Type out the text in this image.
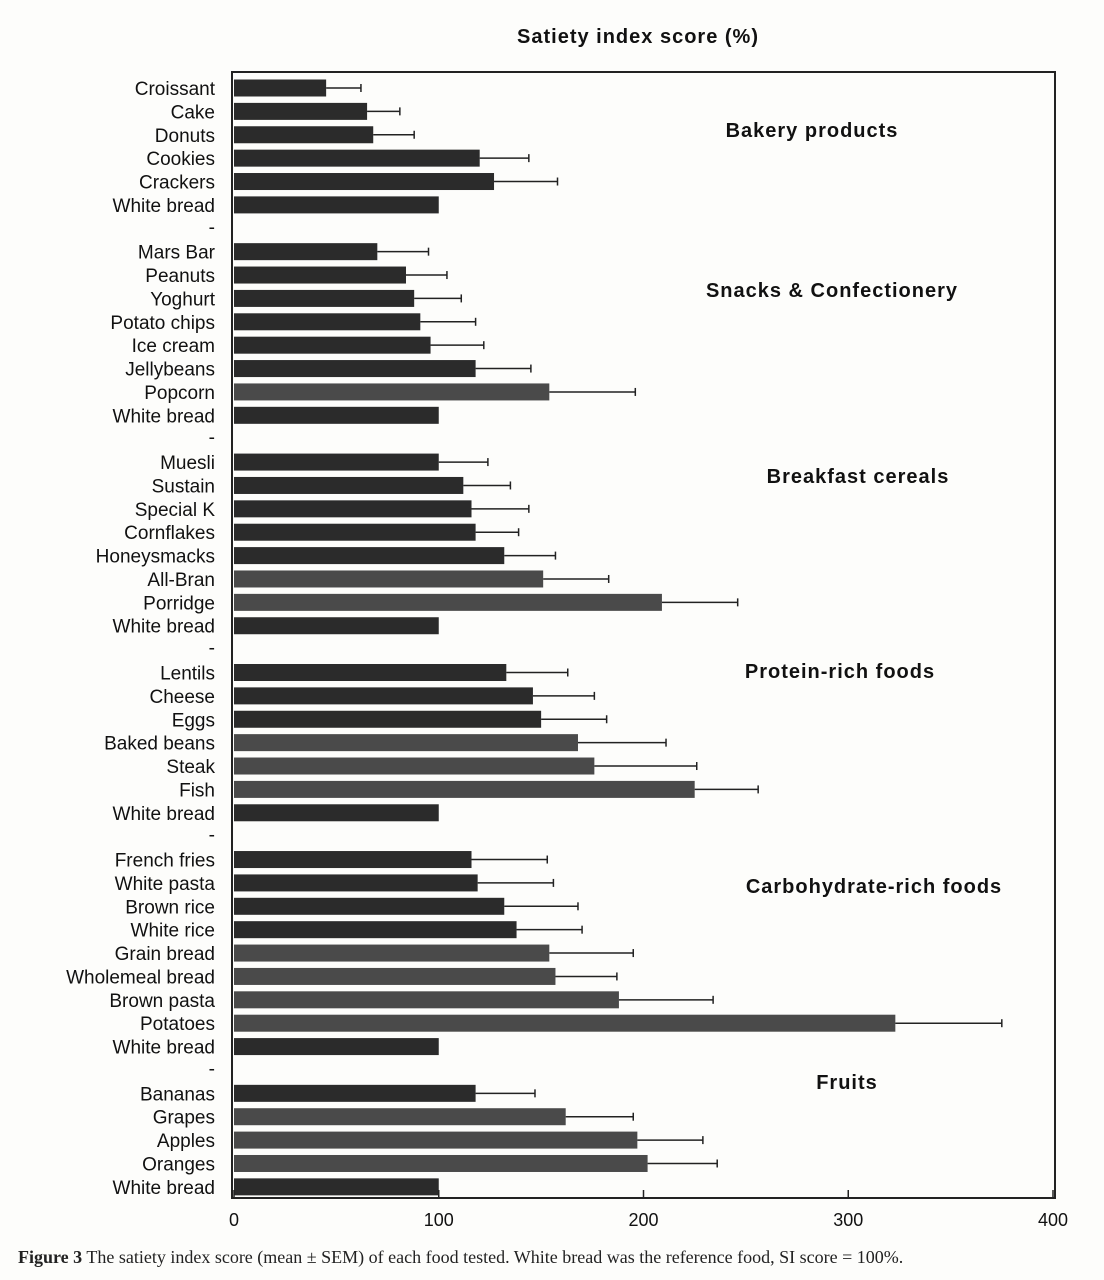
Satiety index score (%)
Croissant
Cake
Donuts
Cookies
Crackers
White bread
Bakery products
-
Mars Bar
Peanuts
Yoghurt
Potato chips
Ice cream
Jellybeans
Popcorn
White bread
Snacks & Confectionery
-
Muesli
Sustain
Special K
Cornflakes
Honeysmacks
All-Bran
Porridge
White bread
Breakfast cereals
-
Lentils
Cheese
Eggs
Baked beans
Steak
Fish
White bread
Protein-rich foods
-
French fries
White pasta
Brown rice
White rice
Grain bread
Wholemeal bread
Brown pasta
Potatoes
White bread
Carbohydrate-rich foods
-
Bananas
Grapes
Apples
Oranges
White bread
Fruits
0	100	200	300	400
Figure 3 The satiety index score (mean ± SEM) of each food tested. White bread was the reference food, SI score = 100%.
